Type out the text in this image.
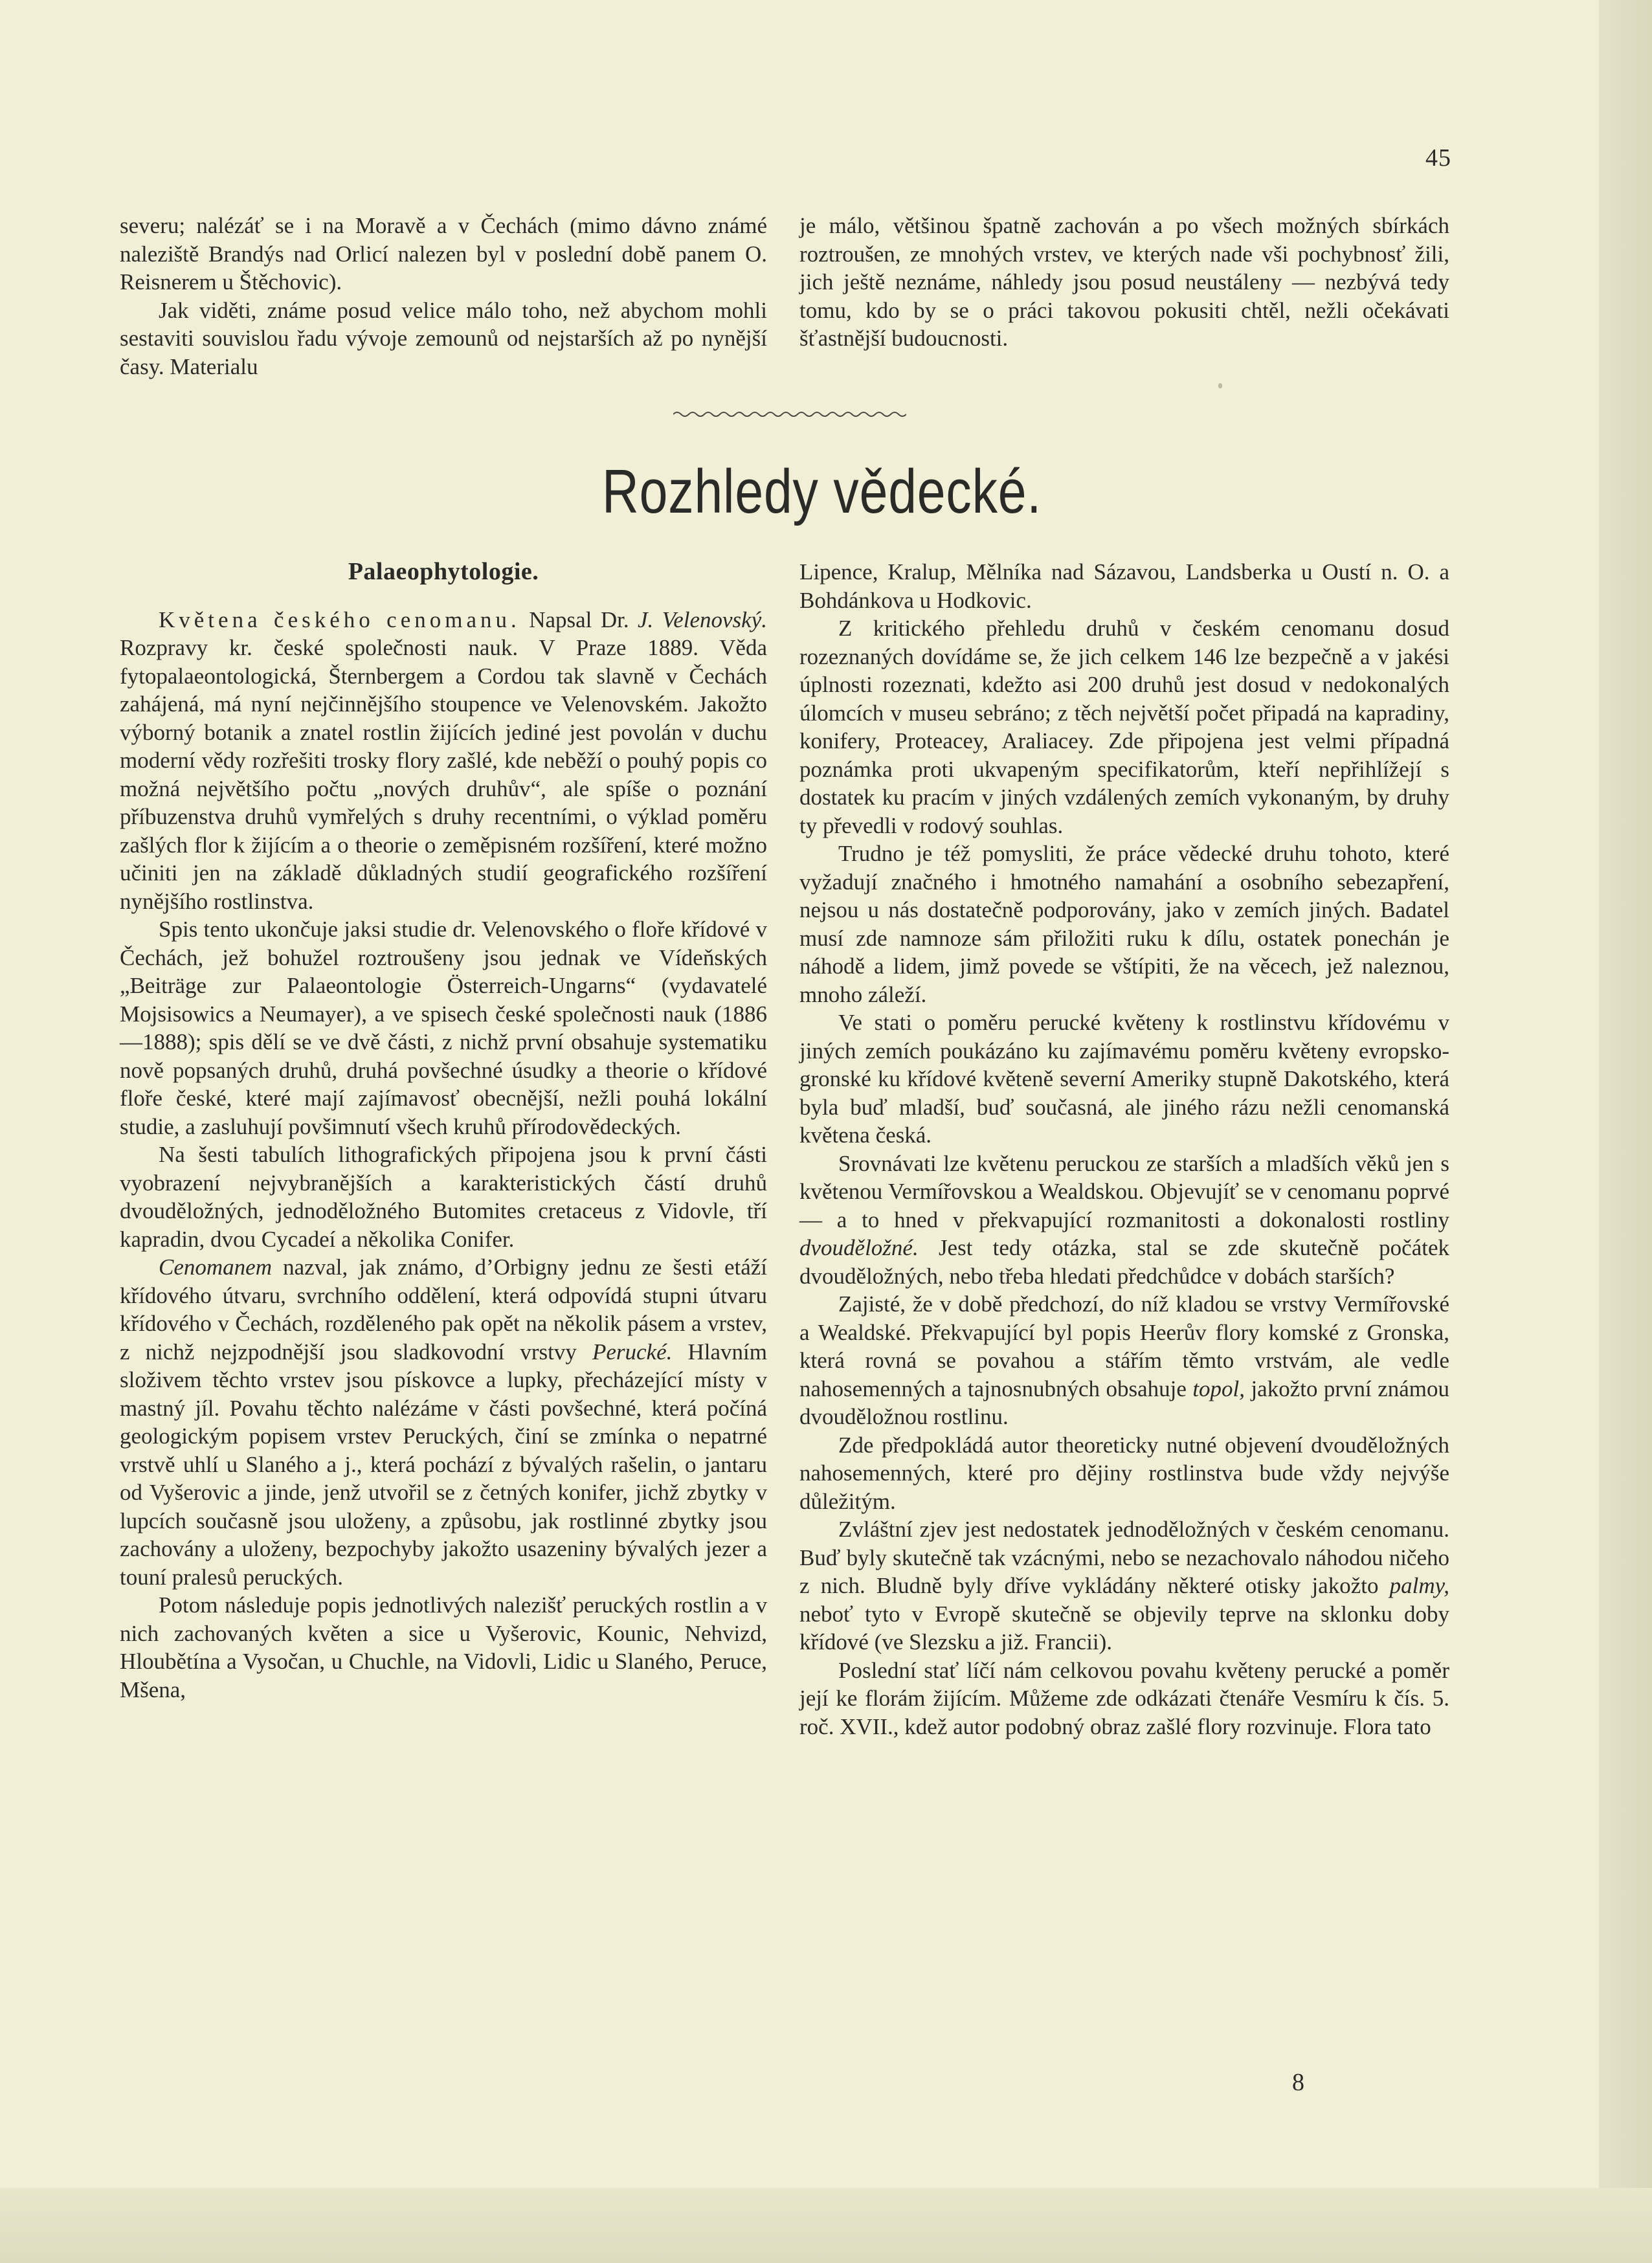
45

severu; nalézáť se i na Moravě a v Čechách (mimo dávno známé naleziště Brandýs nad Orlicí nalezen byl v poslední době panem O. Reisnerem u Štěchovic).

Jak viděti, známe posud velice málo toho, než abychom mohli sestaviti souvislou řadu vývoje zemounů od nejstarších až po nynější časy. Materialu

je málo, většinou špatně zachován a po všech možných sbírkách roztroušen, ze mnohých vrstev, ve kterých nade vši pochybnosť žili, jich ještě neznáme, náhledy jsou posud neustáleny — nezbývá tedy tomu, kdo by se o práci takovou pokusiti chtěl, nežli očekávati šťastnější budoucnosti.

Rozhledy vědecké.
Palaeophytologie.

Květena českého cenomanu. Napsal Dr. J. Velenovský. Rozpravy kr. české společnosti nauk. V Praze 1889. Věda fytopalaeontologická, Šternbergem a Cordou tak slavně v Čechách zahájená, má nyní nejčinnějšího stoupence ve Velenovském. Jakožto výborný botanik a znatel rostlin žijících jediné jest povolán v duchu moderní vědy rozřešiti trosky flory zašlé, kde neběží o pouhý popis co možná největšího počtu „nových druhův“, ale spíše o poznání příbuzenstva druhů vymřelých s druhy recentními, o výklad poměru zašlých flor k žijícím a o theorie o zeměpisném rozšíření, které možno učiniti jen na základě důkladných studií geografického rozšíření nynějšího rostlinstva.

Spis tento ukončuje jaksi studie dr. Velenovského o floře křídové v Čechách, jež bohužel roztroušeny jsou jednak ve Vídeňských „Beiträge zur Palaeontologie Österreich-Ungarns“ (vydavatelé Mojsisowics a Neumayer), a ve spisech české společnosti nauk (1886—1888); spis dělí se ve dvě části, z nichž první obsahuje systematiku nově popsaných druhů, druhá povšechné úsudky a theorie o křídové floře české, které mají zajímavosť obecnější, nežli pouhá lokální studie, a zasluhují povšimnutí všech kruhů přírodovědeckých.

Na šesti tabulích lithografických připojena jsou k první části vyobrazení nejvybranějších a karakteristických částí druhů dvouděložných, jednoděložného Butomites cretaceus z Vidovle, tří kapradin, dvou Cycadeí a několika Conifer.

Cenomanem nazval, jak známo, d’Orbigny jednu ze šesti etáží křídového útvaru, svrchního oddělení, která odpovídá stupni útvaru křídového v Čechách, rozděleného pak opět na několik pásem a vrstev, z nichž nejzpodnější jsou sladkovodní vrstvy Perucké. Hlavním složivem těchto vrstev jsou pískovce a lupky, přecházející místy v mastný jíl. Povahu těchto nalézáme v části povšechné, která počíná geologickým popisem vrstev Peruckých, činí se zmínka o nepatrné vrstvě uhlí u Slaného a j., která pochází z bývalých rašelin, o jantaru od Vyšerovic a jinde, jenž utvořil se z četných konifer, jichž zbytky v lupcích současně jsou uloženy, a způsobu, jak rostlinné zbytky jsou zachovány a uloženy, bezpochyby jakožto usazeniny bývalých jezer a touní pralesů peruckých.

Potom následuje popis jednotlivých nalezišť peruckých rostlin a v nich zachovaných květen a sice u Vyšerovic, Kounic, Nehvizd, Hloubětína a Vysočan, u Chuchle, na Vidovli, Lidic u Slaného, Peruce, Mšena,

Lipence, Kralup, Mělníka nad Sázavou, Landsberka u Oustí n. O. a Bohdánkova u Hodkovic.

Z kritického přehledu druhů v českém cenomanu dosud rozeznaných dovídáme se, že jich celkem 146 lze bezpečně a v jakési úplnosti rozeznati, kdežto asi 200 druhů jest dosud v nedokonalých úlomcích v museu sebráno; z těch největší počet připadá na kapradiny, konifery, Proteacey, Araliacey. Zde připojena jest velmi případná poznámka proti ukvapeným specifikatorům, kteří nepřihlížejí s dostatek ku pracím v jiných vzdálených zemích vykonaným, by druhy ty převedli v rodový souhlas.

Trudno je též pomysliti, že práce vědecké druhu tohoto, které vyžadují značného i hmotného namahání a osobního sebezapření, nejsou u nás dostatečně podporovány, jako v zemích jiných. Badatel musí zde namnoze sám přiložiti ruku k dílu, ostatek ponechán je náhodě a lidem, jimž povede se vštípiti, že na věcech, jež naleznou, mnoho záleží.

Ve stati o poměru perucké květeny k rostlinstvu křídovému v jiných zemích poukázáno ku zajímavému poměru květeny evropsko-gronské ku křídové květeně severní Ameriky stupně Dakotského, která byla buď mladší, buď současná, ale jiného rázu nežli cenomanská květena česká.

Srovnávati lze květenu peruckou ze starších a mladších věků jen s květenou Vermířovskou a Wealdskou. Objevujíť se v cenomanu poprvé — a to hned v překvapující rozmanitosti a dokonalosti rostliny dvouděložné. Jest tedy otázka, stal se zde skutečně počátek dvouděložných, nebo třeba hledati předchůdce v dobách starších?

Zajisté, že v době předchozí, do níž kladou se vrstvy Vermířovské a Wealdské. Překvapující byl popis Heerův flory komské z Gronska, která rovná se povahou a stářím těmto vrstvám, ale vedle nahosemenných a tajnosnubných obsahuje topol, jakožto první známou dvouděložnou rostlinu.

Zde předpokládá autor theoreticky nutné objevení dvouděložných nahosemenných, které pro dějiny rostlinstva bude vždy nejvýše důležitým.

Zvláštní zjev jest nedostatek jednoděložných v českém cenomanu. Buď byly skutečně tak vzácnými, nebo se nezachovalo náhodou ničeho z nich. Bludně byly dříve vykládány některé otisky jakožto palmy, neboť tyto v Evropě skutečně se objevily teprve na sklonku doby křídové (ve Slezsku a již. Francii).

Poslední stať líčí nám celkovou povahu květeny perucké a poměr její ke florám žijícím. Můžeme zde odkázati čtenáře Vesmíru k čís. 5. roč. XVII., kdež autor podobný obraz zašlé flory rozvinuje. Flora tato

8
